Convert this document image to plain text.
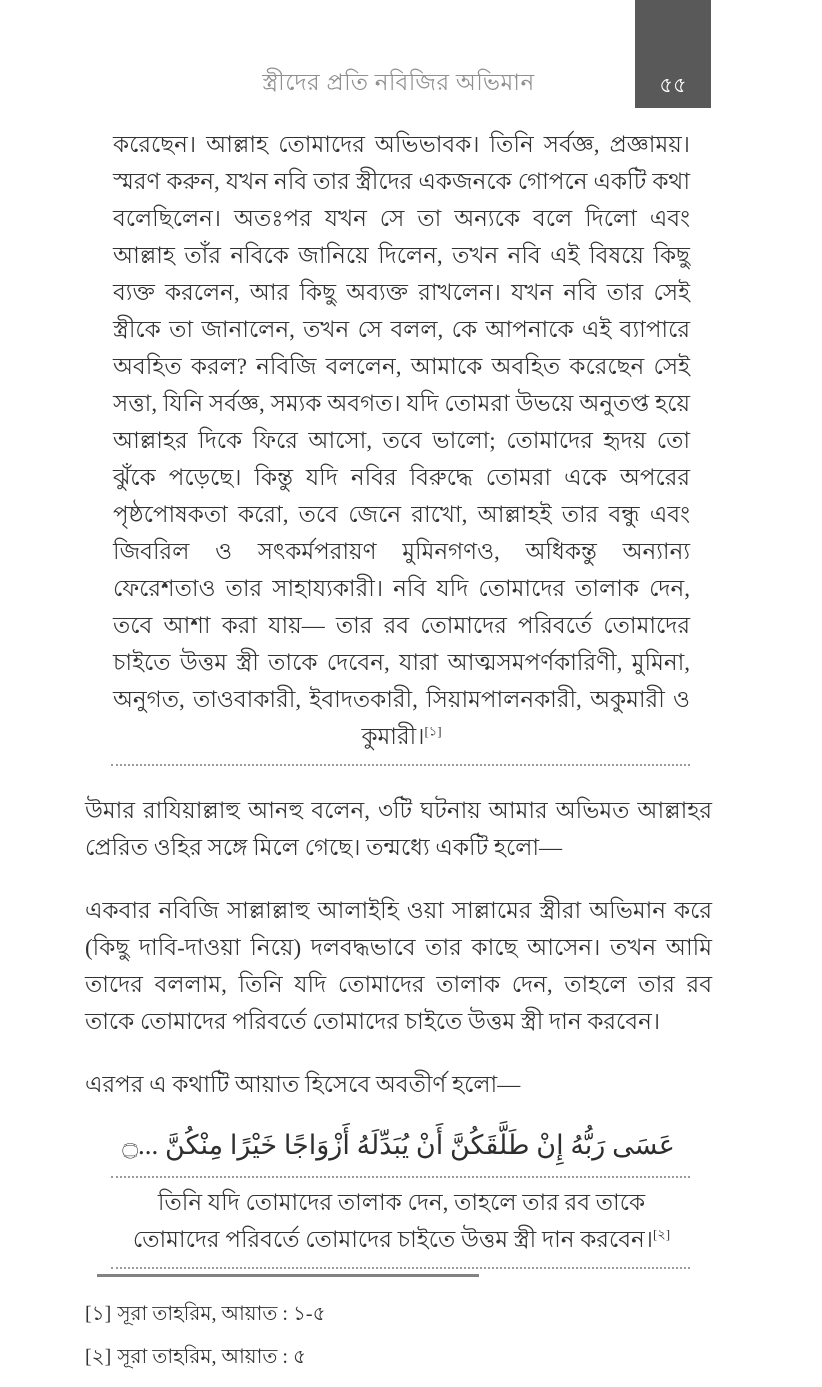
স্ত্রীদের প্রতি নবিজির অভিমান	৫৫
করেছেন। আল্লাহ তোমাদের অভিভাবক। তিনি সর্বজ্ঞ, প্রজ্ঞাময়। স্মরণ করুন, যখন নবি তার স্ত্রীদের একজনকে গোপনে একটি কথা বলেছিলেন। অতঃপর যখন সে তা অন্যকে বলে দিলো এবং আল্লাহ তাঁর নবিকে জানিয়ে দিলেন, তখন নবি এই বিষয়ে কিছু ব্যক্ত করলেন, আর কিছু অব্যক্ত রাখলেন। যখন নবি তার সেই স্ত্রীকে তা জানালেন, তখন সে বলল, কে আপনাকে এই ব্যাপারে অবহিত করল? নবিজি বললেন, আমাকে অবহিত করেছেন সেই সত্তা, যিনি সর্বজ্ঞ, সম্যক অবগত। যদি তোমরা উভয়ে অনুতপ্ত হয়ে আল্লাহর দিকে ফিরে আসো, তবে ভালো; তোমাদের হৃদয় তো ঝুঁকে পড়েছে। কিন্তু যদি নবির বিরুদ্ধে তোমরা একে অপরের পৃষ্ঠপোষকতা করো, তবে জেনে রাখো, আল্লাহই তার বন্ধু এবং জিবরিল ও সৎকর্মপরায়ণ মুমিনগণও, অধিকন্তু অন্যান্য ফেরেশতাও তার সাহায্যকারী। নবি যদি তোমাদের তালাক দেন, তবে আশা করা যায়— তার রব তোমাদের পরিবর্তে তোমাদের চাইতে উত্তম স্ত্রী তাকে দেবেন, যারা আত্মসমপর্ণকারিণী, মুমিনা, অনুগত, তাওবাকারী, ইবাদতকারী, সিয়ামপালনকারী, অকুমারী ও কুমারী।[১]

উমার রাযিয়াল্লাহু আনহু বলেন, ৩টি ঘটনায় আমার অভিমত আল্লাহর প্রেরিত ওহির সঙ্গে মিলে গেছে। তন্মধ্যে একটি হলো—

একবার নবিজি সাল্লাল্লাহু আলাইহি ওয়া সাল্লামের স্ত্রীরা অভিমান করে (কিছু দাবি-দাওয়া নিয়ে) দলবদ্ধভাবে তার কাছে আসেন। তখন আমি তাদের বললাম, তিনি যদি তোমাদের তালাক দেন, তাহলে তার রব তাকে তোমাদের পরিবর্তে তোমাদের চাইতে উত্তম স্ত্রী দান করবেন।

এরপর এ কথাটি আয়াত হিসেবে অবতীর্ণ হলো—

عَسَى رَبُّهُ إِنْ طَلَّقَكُنَّ أَنْ يُبَدِّلَهُ أَزْوَاجًا خَيْرًا مِنْكُنَّ ...۝
তিনি যদি তোমাদের তালাক দেন, তাহলে তার রব তাকে তোমাদের পরিবর্তে তোমাদের চাইতে উত্তম স্ত্রী দান করবেন।[২]
[১] সূরা তাহরিম, আয়াত : ১-৫
[২] সূরা তাহরিম, আয়াত : ৫
